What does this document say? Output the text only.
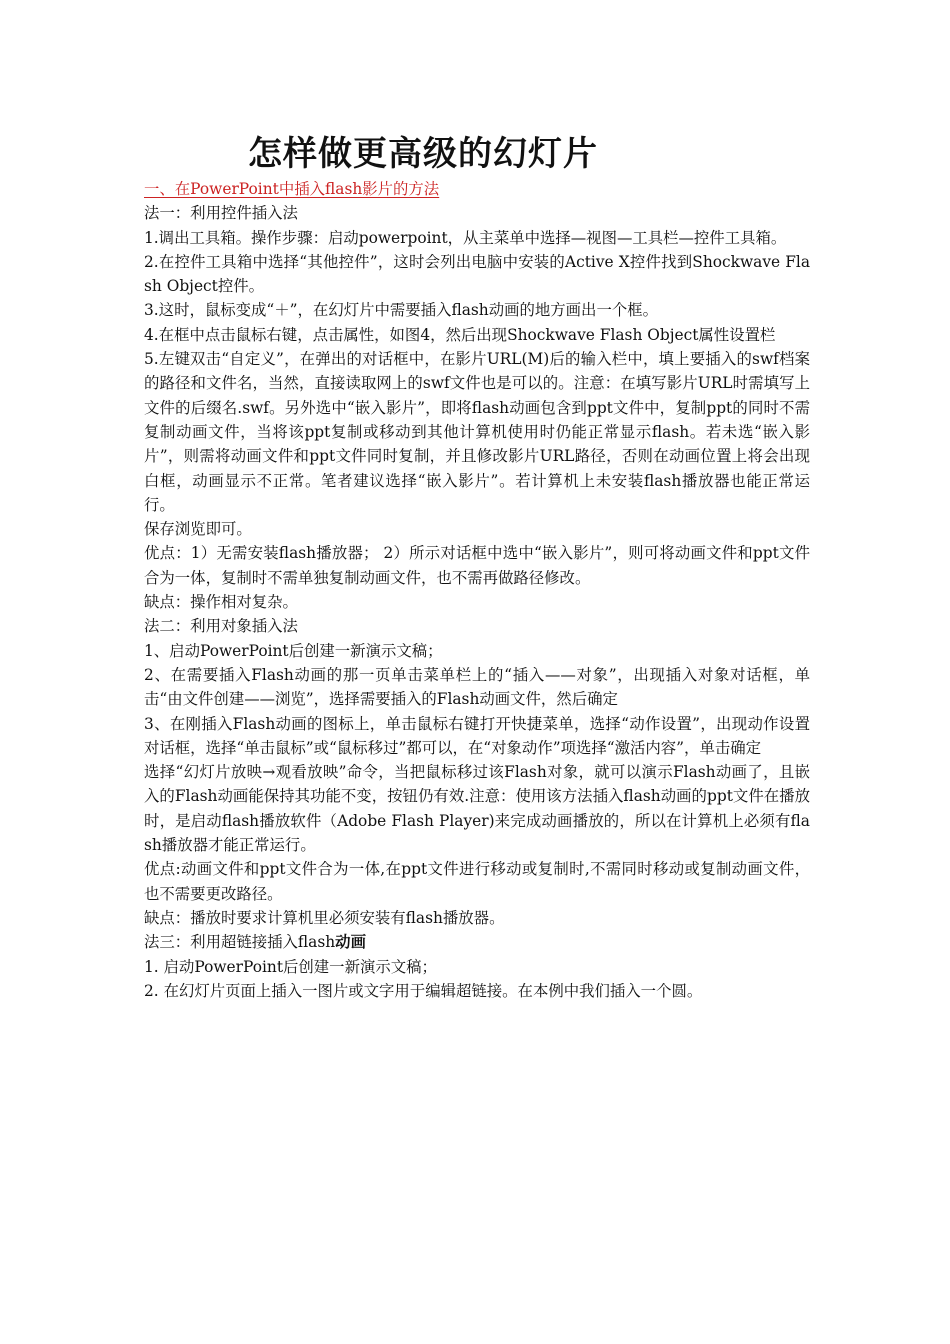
怎样做更高级的幻灯片

一、在PowerPoint中插入flash影片的方法

法一：利用控件插入法

1.调出工具箱。操作步骤：启动powerpoint，从主菜单中选择—视图—工具栏—控件工具箱。

2.在控件工具箱中选择“其他控件”，这时会列出电脑中安装的Active X控件找到Shockwave Flash Object控件。

3.这时，鼠标变成“＋”，在幻灯片中需要插入flash动画的地方画出一个框。

4.在框中点击鼠标右键，点击属性，如图4，然后出现Shockwave Flash Object属性设置栏

5.左键双击“自定义”，在弹出的对话框中，在影片URL(M)后的输入栏中，填上要插入的swf档案的路径和文件名，当然，直接读取网上的swf文件也是可以的。注意：在填写影片URL时需填写上文件的后缀名.swf。另外选中“嵌入影片”，即将flash动画包含到ppt文件中，复制ppt的同时不需复制动画文件，当将该ppt复制或移动到其他计算机使用时仍能正常显示flash。若未选“嵌入影片”，则需将动画文件和ppt文件同时复制，并且修改影片URL路径，否则在动画位置上将会出现白框，动画显示不正常。笔者建议选择“嵌入影片”。若计算机上未安装flash播放器也能正常运行。

保存浏览即可。

优点：1）无需安装flash播放器； 2）所示对话框中选中“嵌入影片”，则可将动画文件和ppt文件合为一体，复制时不需单独复制动画文件，也不需再做路径修改。

缺点：操作相对复杂。

法二：利用对象插入法

1、启动PowerPoint后创建一新演示文稿；

2、在需要插入Flash动画的那一页单击菜单栏上的“插入——对象”，出现插入对象对话框，单击“由文件创建——浏览”，选择需要插入的Flash动画文件，然后确定

3、在刚插入Flash动画的图标上，单击鼠标右键打开快捷菜单，选择“动作设置”，出现动作设置对话框，选择“单击鼠标”或“鼠标移过”都可以，在“对象动作”项选择“激活内容”，单击确定

选择“幻灯片放映→观看放映”命令，当把鼠标移过该Flash对象，就可以演示Flash动画了，且嵌入的Flash动画能保持其功能不变，按钮仍有效.注意：使用该方法插入flash动画的ppt文件在播放时，是启动flash播放软件（Adobe Flash Player)来完成动画播放的，所以在计算机上必须有flash播放器才能正常运行。

优点:动画文件和ppt文件合为一体,在ppt文件进行移动或复制时,不需同时移动或复制动画文件，也不需要更改路径。

缺点：播放时要求计算机里必须安装有flash播放器。

法三：利用超链接插入flash动画

1. 启动PowerPoint后创建一新演示文稿；

2. 在幻灯片页面上插入一图片或文字用于编辑超链接。在本例中我们插入一个圆。
